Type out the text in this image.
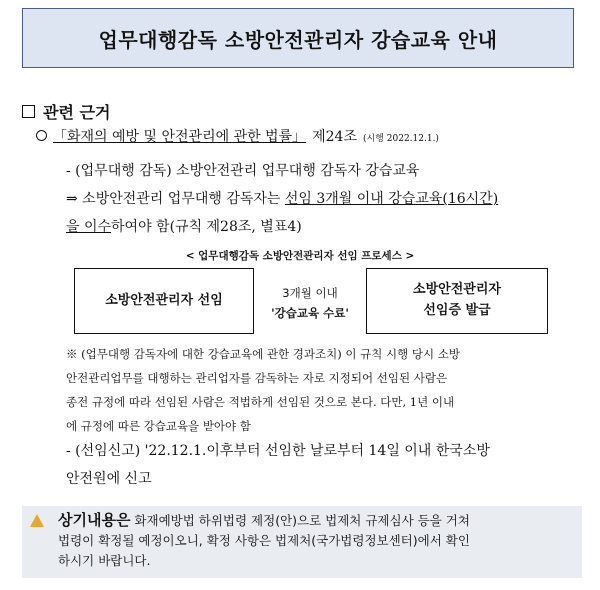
업무대행감독 소방안전관리자 강습교육 안내
관련 근거
「화재의 예방 및 안전관리에 관한 법률」 제24조 (시행 2022.12.1.)
- (업무대행 감독) 소방안전관리 업무대행 감독자 강습교육
⇒ 소방안전관리 업무대행 감독자는 선임 3개월 이내 강습교육(16시간)
을 이수하여야 함(규칙 제28조, 별표4)
< 업무대행감독 소방안전관리자 선임 프로세스 >
소방안전관리자 선임	3개월 이내
'강습교육 수료'
소방안전관리자
선임증 발급

※ (업무대행 감독자에 대한 강습교육에 관한 경과조치) 이 규칙 시행 당시 소방

안전관리업무를 대행하는 관리업자를 감독하는 자로 지정되어 선임된 사람은

종전 규정에 따라 선임된 사람은 적법하게 선임된 것으로 본다. 다만, 1년 이내

에 규정에 따른 강습교육을 받아야 함

- (선임신고) '22.12.1.이후부터 선임한 날로부터 14일 이내 한국소방
안전원에 신고

상기내용은 화재예방법 하위법령 제정(안)으로 법제처 규제심사 등을 거쳐

법령이 확정될 예정이오니, 확정 사항은 법제처(국가법령정보센터)에서 확인

하시기 바랍니다.
